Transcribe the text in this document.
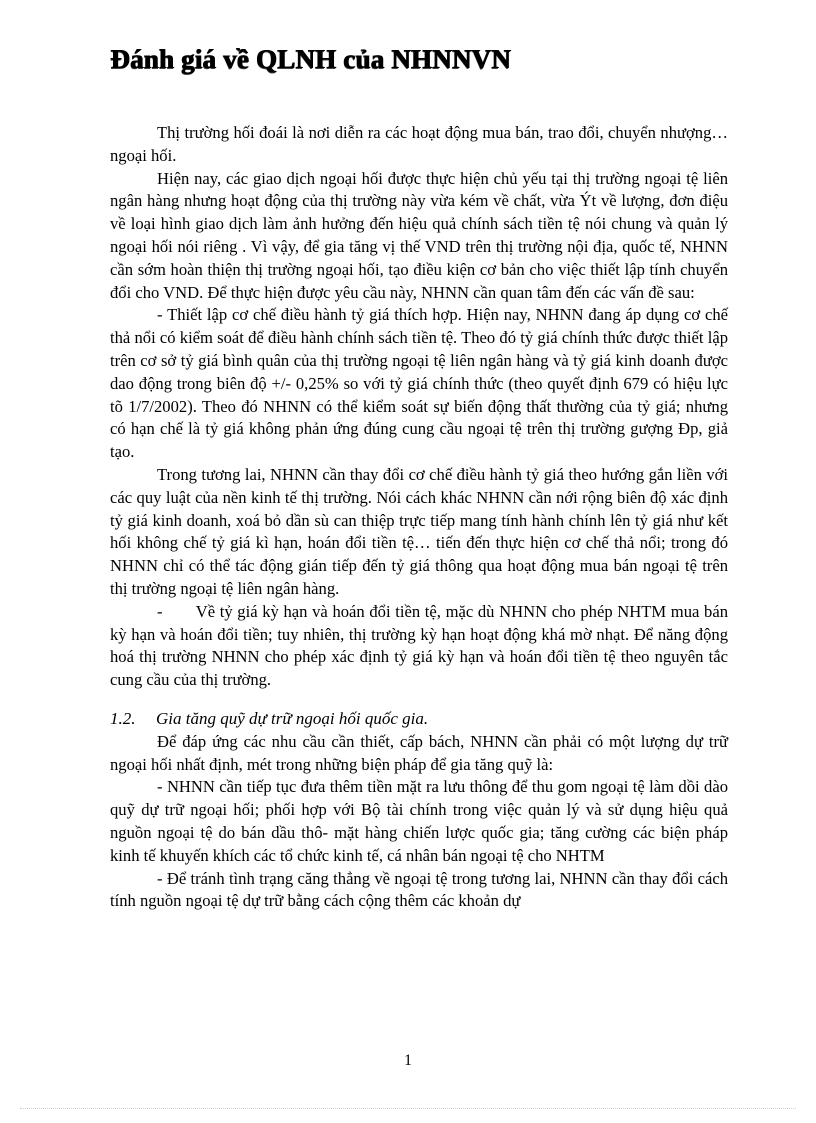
Đánh giá về QLNH của NHNNVN

Thị trường hối đoái là nơi diễn ra các hoạt động mua bán, trao đổi, chuyển nhượng… ngoại hối.

Hiện nay, các giao dịch ngoại hối được thực hiện chủ yếu tại thị trường ngoại tệ liên ngân hàng nhưng hoạt động của thị trường này vừa kém về chất, vừa Ýt về lượng, đơn điệu về loại hình giao dịch làm ảnh hưởng đến hiệu quả chính sách tiền tệ nói chung và quản lý ngoại hối nói riêng . Vì vậy, để gia tăng vị thế VND trên thị trường nội địa, quốc tế, NHNN cần sớm hoàn thiện thị trường ngoại hối, tạo điều kiện cơ bản cho việc thiết lập tính chuyển đổi cho VND. Để thực hiện được yêu cầu này, NHNN cần quan tâm đến các vấn đề sau:

- Thiết lập cơ chế điều hành tỷ giá thích hợp. Hiện nay, NHNN đang áp dụng cơ chế thả nổi có kiểm soát để điều hành chính sách tiền tệ. Theo đó tỷ giá chính thức được thiết lập trên cơ sở tỷ giá bình quân của thị trường ngoại tệ liên ngân hàng và tỷ giá kinh doanh được dao động trong biên độ +/- 0,25% so với tỷ giá chính thức (theo quyết định 679 có hiệu lực tõ 1/7/2002). Theo đó NHNN có thể kiểm soát sự biến động thất thường của tỷ giá; nhưng có hạn chế là tỷ giá không phản ứng đúng cung cầu ngoại tệ trên thị trường gượng Ðp, giả tạo.

Trong tương lai, NHNN cần thay đổi cơ chế điều hành tỷ giá theo hướng gắn liền với các quy luật của nền kinh tế thị trường. Nói cách khác NHNN cần nới rộng biên độ xác định tỷ giá kinh doanh, xoá bỏ dần sù can thiệp trực tiếp mang tính hành chính lên tỷ giá như kết hối không chế tỷ giá kì hạn, hoán đổi tiền tệ… tiến đến thực hiện cơ chế thả nổi; trong đó NHNN chỉ có thể tác động gián tiếp đến tỷ giá thông qua hoạt động mua bán ngoại tệ trên thị trường ngoại tệ liên ngân hàng.

-  Về tỷ giá kỳ hạn và hoán đổi tiền tệ, mặc dù NHNN cho phép NHTM mua bán kỳ hạn và hoán đổi tiền; tuy nhiên, thị trường kỳ hạn hoạt động khá mờ nhạt. Để năng động hoá thị trường NHNN cho phép xác định tỷ giá kỳ hạn và hoán đổi tiền tệ theo nguyên tắc cung cầu của thị trường.

1.2. Gia tăng quỹ dự trữ ngoại hối quốc gia.

Để đáp ứng các nhu cầu cần thiết, cấp bách, NHNN cần phải có một lượng dự trữ ngoại hối nhất định, mét trong những biện pháp để gia tăng quỹ là:

- NHNN cần tiếp tục đưa thêm tiền mặt ra lưu thông để thu gom ngoại tệ làm dồi dào quỹ dự trữ ngoại hối; phối hợp với Bộ tài chính trong việc quản lý và sử dụng hiệu quả nguồn ngoại tệ do bán dầu thô- mặt hàng chiến lược quốc gia; tăng cường các biện pháp kinh tế khuyến khích các tổ chức kinh tế, cá nhân bán ngoại tệ cho NHTM

- Để tránh tình trạng căng thẳng về ngoại tệ trong tương lai, NHNN cần thay đổi cách tính nguồn ngoại tệ dự trữ bằng cách cộng thêm các khoản dự

1
